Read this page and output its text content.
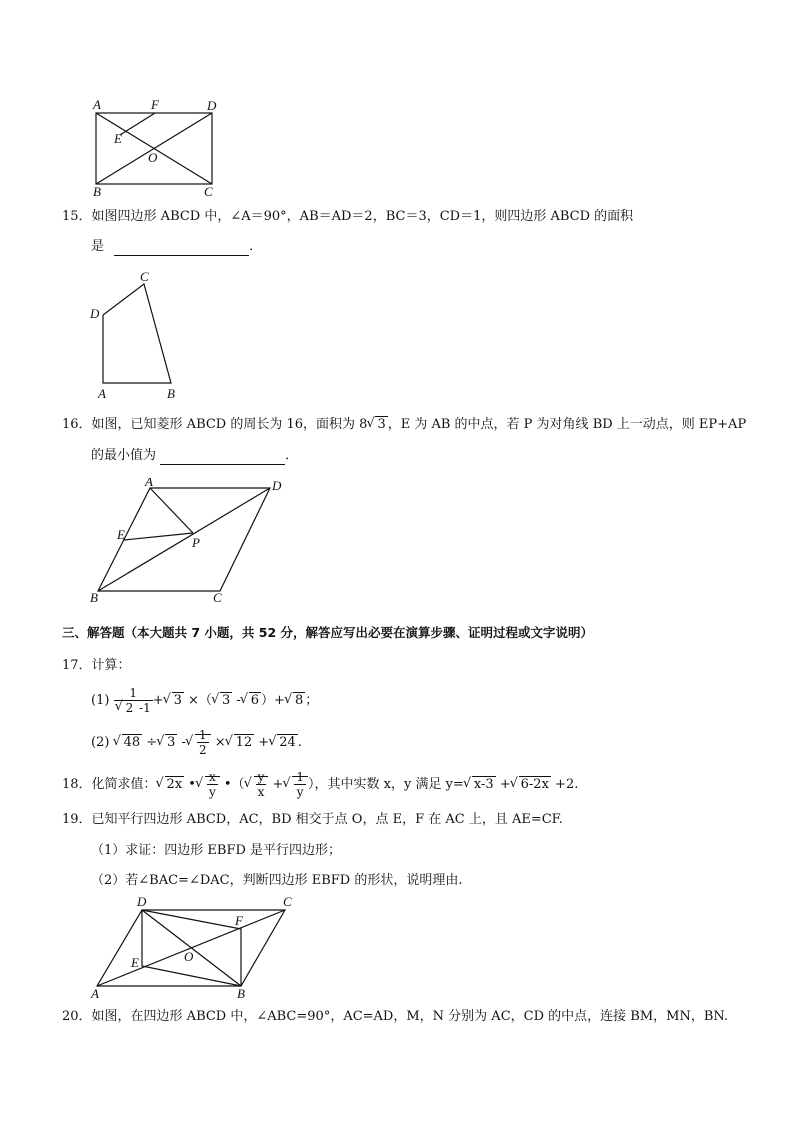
A	F	D
E
O
B	C
15．如图四边形 ABCD 中，∠A＝90°，AB＝AD＝2，BC＝3，CD＝1，则四边形 ABCD 的面积
是	．
C
D
A	B
16．如图，已知菱形 ABCD 的周长为 16，面积为 8 √ 3 ，E 为 AB 的中点，若 P 为对角线 BD 上一动点，则 EP+AP
的最小值为	．
A	D
E
P
B	C
三、解答题（本大题共 7 小题，共 52 分，解答应写出必要在演算步骤、证明过程或文字说明）
17．计算：
(1) 1
√ 2 -1 + √ 3 ×（ √ 3 - √ 6 ）+ √ 8 ；
(2) √ 48 ÷ √ 3 - √ $\frac{1}{2}$ × √ 12 + √ 24 .
18．化简求值： √ 2x • √ $\frac{x}{y}$ •（ √ $\frac{y}{x}$ + √ $\frac{1}{y}$ ），其中实数 x，y 满足 y= √ x-3 + √ 6-2x +2.
19．已知平行四边形 ABCD，AC，BD 相交于点 O，点 E，F 在 AC 上，且 AE=CF.
（1）求证：四边形 EBFD 是平行四边形；
（2）若∠BAC=∠DAC，判断四边形 EBFD 的形状，说明理由.
D	C
F
E	O
A	B
20．如图，在四边形 ABCD 中，∠ABC=90°，AC=AD，M，N 分别为 AC，CD 的中点，连接 BM，MN，BN.
